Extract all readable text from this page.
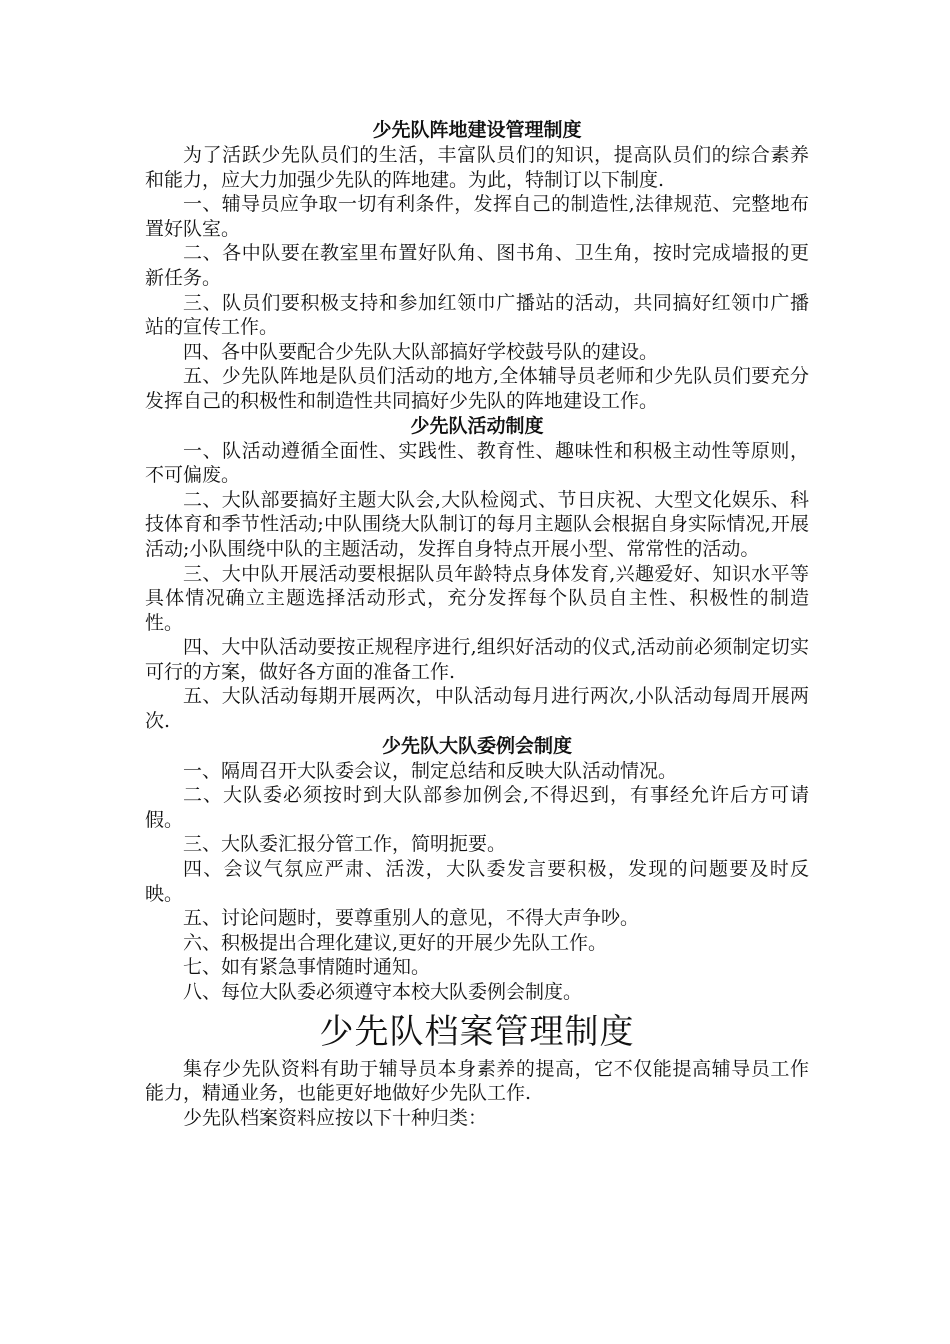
少先队阵地建设管理制度

为了活跃少先队员们的生活，丰富队员们的知识，提高队员们的综合素养和能力，应大力加强少先队的阵地建。为此，特制订以下制度.

一、辅导员应争取一切有利条件，发挥自己的制造性,法律规范、完整地布置好队室。

二、各中队要在教室里布置好队角、图书角、卫生角，按时完成墙报的更新任务。

三、队员们要积极支持和参加红领巾广播站的活动，共同搞好红领巾广播站的宣传工作。

四、各中队要配合少先队大队部搞好学校鼓号队的建设。

五、少先队阵地是队员们活动的地方,全体辅导员老师和少先队员们要充分发挥自己的积极性和制造性共同搞好少先队的阵地建设工作。

少先队活动制度

一、队活动遵循全面性、实践性、教育性、趣味性和积极主动性等原则，不可偏废。

二、大队部要搞好主题大队会,大队检阅式、节日庆祝、大型文化娱乐、科技体育和季节性活动;中队围绕大队制订的每月主题队会根据自身实际情况,开展活动;小队围绕中队的主题活动，发挥自身特点开展小型、常常性的活动。

三、大中队开展活动要根据队员年龄特点身体发育,兴趣爱好、知识水平等具体情况确立主题选择活动形式，充分发挥每个队员自主性、积极性的制造性。

四、大中队活动要按正规程序进行,组织好活动的仪式,活动前必须制定切实可行的方案，做好各方面的准备工作.

五、大队活动每期开展两次，中队活动每月进行两次,小队活动每周开展两次.

少先队大队委例会制度

一、隔周召开大队委会议，制定总结和反映大队活动情况。

二、大队委必须按时到大队部参加例会,不得迟到，有事经允许后方可请假。

三、大队委汇报分管工作，简明扼要。

四、会议气氛应严肃、活泼，大队委发言要积极，发现的问题要及时反映。

五、讨论问题时，要尊重别人的意见，不得大声争吵。

六、积极提出合理化建议,更好的开展少先队工作。

七、如有紧急事情随时通知。

八、每位大队委必须遵守本校大队委例会制度。

少先队档案管理制度

集存少先队资料有助于辅导员本身素养的提高，它不仅能提高辅导员工作能力，精通业务，也能更好地做好少先队工作.

少先队档案资料应按以下十种归类：
